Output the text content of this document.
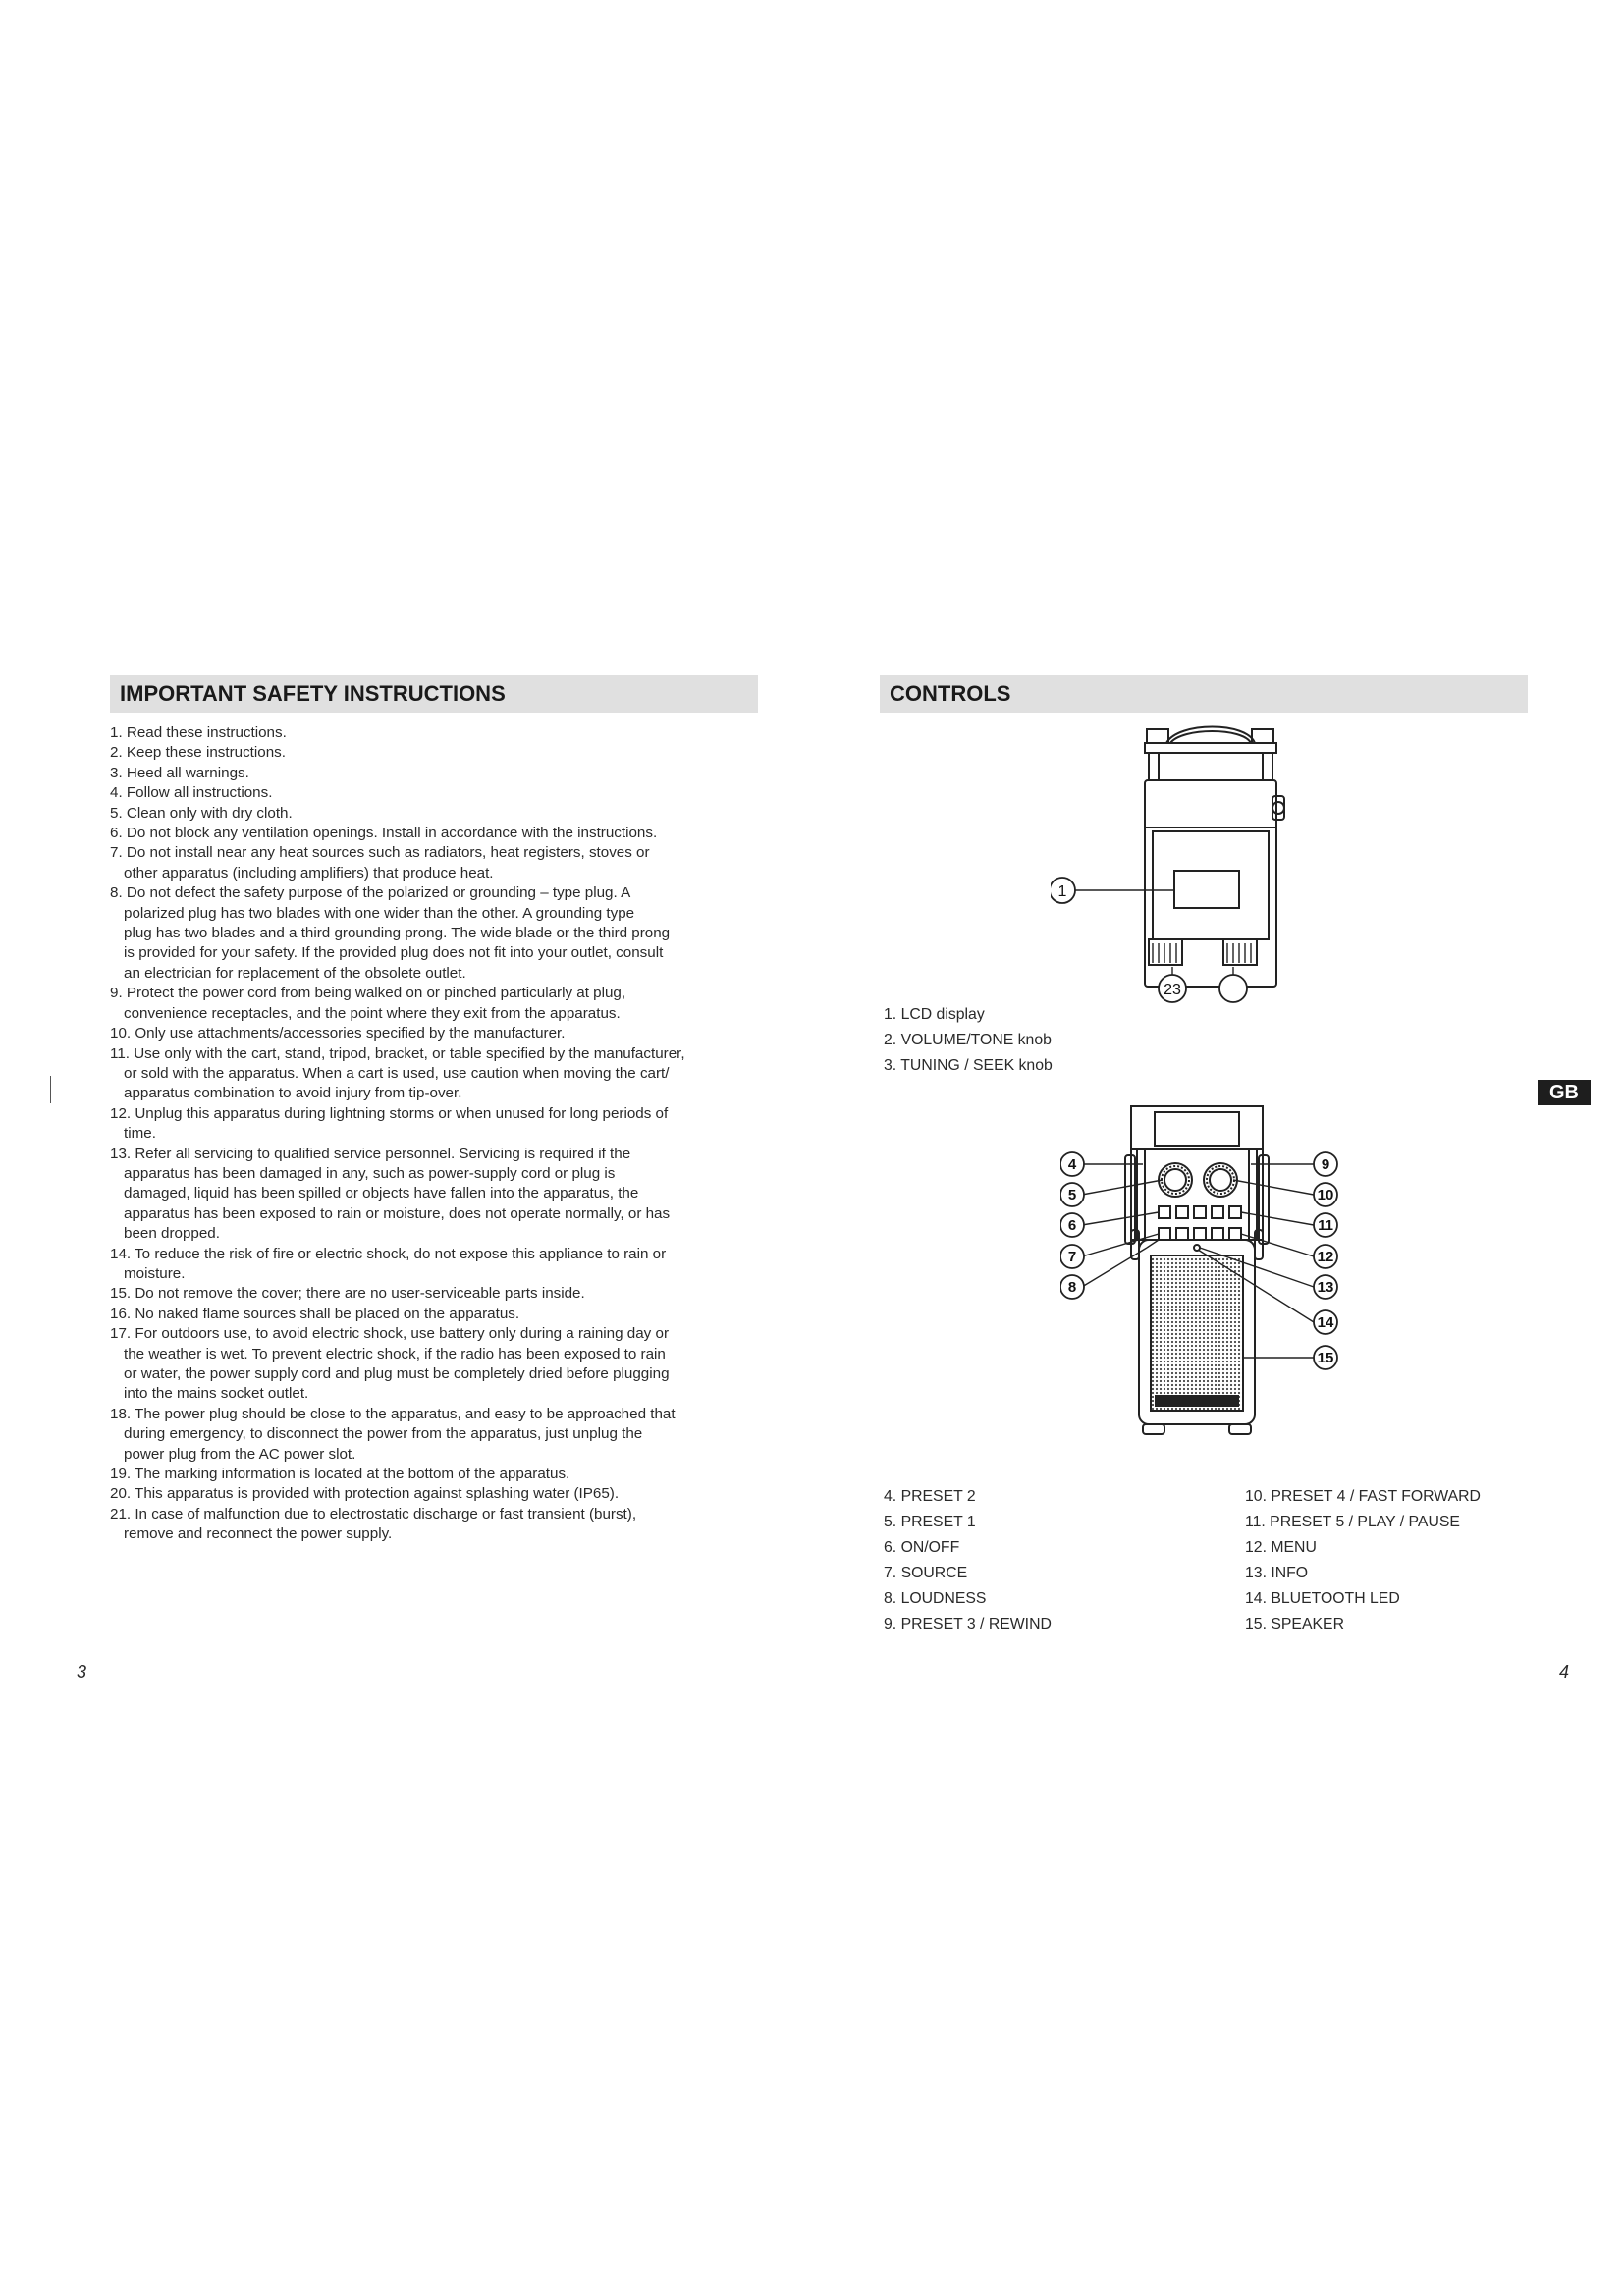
IMPORTANT SAFETY INSTRUCTIONS
1. Read these instructions.
2. Keep these instructions.
3. Heed all warnings.
4. Follow all instructions.
5. Clean only with dry cloth.
6. Do not block any ventilation openings. Install in accordance with the instructions.
7. Do not install near any heat sources such as radiators, heat registers, stoves or
other apparatus (including amplifiers) that produce heat.
8. Do not defect the safety purpose of the polarized or grounding – type plug. A
polarized plug has two blades with one wider than the other. A grounding type
plug has two blades and a third grounding prong. The wide blade or the third prong
is provided for your safety. If the provided plug does not fit into your outlet, consult
an electrician for replacement of the obsolete outlet.
9. Protect the power cord from being walked on or pinched particularly at plug,
convenience receptacles, and the point where they exit from the apparatus.
10. Only use attachments/accessories specified by the manufacturer.
11. Use only with the cart, stand, tripod, bracket, or table specified by the manufacturer,
or sold with the apparatus. When a cart is used, use caution when moving the cart/
apparatus combination to avoid injury from tip-over.
12. Unplug this apparatus during lightning storms or when unused for long periods of
time.
13. Refer all servicing to qualified service personnel. Servicing is required if the
apparatus has been damaged in any, such as power-supply cord or plug is
damaged, liquid has been spilled or objects have fallen into the apparatus, the
apparatus has been exposed to rain or moisture, does not operate normally, or has
been dropped.
14. To reduce the risk of fire or electric shock, do not expose this appliance to rain or
moisture.
15. Do not remove the cover; there are no user-serviceable parts inside.
16. No naked flame sources shall be placed on the apparatus.
17. For outdoors use, to avoid electric shock, use battery only during a raining day or
the weather is wet. To prevent electric shock, if the radio has been exposed to rain
or water, the power supply cord and plug must be completely dried before plugging
into the mains socket outlet.
18. The power plug should be close to the apparatus, and easy to be approached that
during emergency, to disconnect the power from the apparatus, just unplug the
power plug from the AC power slot.
19. The marking information is located at the bottom of the apparatus.
20. This apparatus is provided with protection against splashing water (IP65).
21. In case of malfunction due to electrostatic discharge or fast transient (burst),
remove and reconnect the power supply.
3
CONTROLS
1
23
1. LCD display
2. VOLUME/TONE knob
3. TUNING / SEEK knob
GB
4
5
6
7
8
9
10
11
12
13
14
15
4. PRESET 2
5. PRESET 1
6. ON/OFF
7. SOURCE
8. LOUDNESS
9. PRESET 3 / REWIND
10. PRESET 4 / FAST FORWARD
11. PRESET 5 / PLAY / PAUSE
12. MENU
13. INFO
14. BLUETOOTH LED
15. SPEAKER
4
